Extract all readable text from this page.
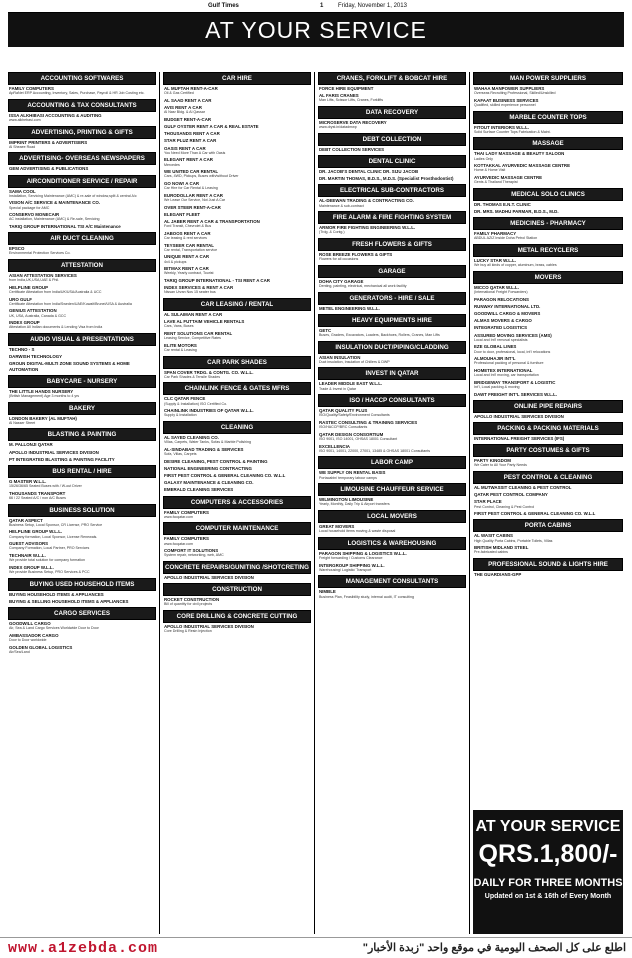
Gulf Times	1 Friday, November 1, 2013
AT YOUR SERVICE
ACCOUNTING SOFTWARES
FAMILY COMPUTERS
ApRaNet ERP Accounting, Inventory, Sales, Purchase, Payroll & HR Job Costing etc.
ACCOUNTING & TAX CONSULTANTS
ISSA ALKHIBASI ACCOUNTING & AUDITING
www.alkhebasi.com
ADVERTISING, PRINTING & GIFTS
IMPRINT PRINTERS & ADVERTISERS
Al Sheaee Road
ADVERTISING- OVERSEAS NEWSPAPERS
GEM ADVERTISING & PUBLICATIONS
AIRCONDITIONER SERVICE / REPAIR
SAMA COOL
Installation, Servicing Maintenance (AMC) & re-sale of window,split & central A/c
VISION A/C SERVICE & MAINTENANCE CO.
Special package for AMC
CONSERVO MONECAIR
AC installation, Maintenance (AMC) & Re-sale, Servicing
TARIQ GROUP INTERNATIONAL TSI A/C Maintenance
AIR DUCT CLEANING
EPSCO
Environmental Protection Services Co.
ATTESTATION
ASIAN ATTESTATION SERVICES
from India,UK,USA,UAE & Phil.
HELPLINE GROUP
Certificate Attestation from India/UK/USA/Australia & UCC
URO GULF
Certificate Attestation from India/Sweden/UAE/Kuwait/Brunei/USA & Australia
GENIUS ATTESTATION
UK, USA, Australia, Canada & GCC
INDEX GROUP
Attestation All Indian documents & Lending Visa from India
AUDIO VISUAL & PRESENTATIONS
TECHNO - S
DARWISH TECHNOLOGY
GROUN DIGITAL-MULTI ZONE SOUND SYSTEMS & HOME AUTOMATION
BABYCARE - NURSERY
THE LITTLE HANDS NURSERY
(British Management) Age 3 months to 4 yrs
BAKERY
LONDON BAKERY (AL MUFTAH)
Al Nasser Street
BLASTING & PAINTING
M. PALLONJI QATAR
APOLLO INDUSTRIAL SERVICES DIVISION
PT INTEGRATED BLASTING & PAINTING FACILITY
BUS RENTAL / HIRE
G MASTER W.L.L.
15/26/36/65 Seated Buses with / W-out Driver
THOUSANDS TRANSPORT
66 / 22 Seated A/C / non A/C Buses
BUSINESS SOLUTION
QATAR ASPECT
Business Setup, Local Sponsor, CR License, PRO Service
HELPLINE GROUP W.L.L.
Company formation, Local Sponsor, License Renewals.
GUEST ADVISORS
Company Formation, Local Partner, PRO Services
TECHNAIR W.L.L.
We provide total solution for company formation
INDEX GROUP W.L.L.
We provide Business Setup, PRO Services & PCC
BUYING USED HOUSEHOLD ITEMS
BUYING HOUSEHOLD ITEMS & APPLIANCES
BUYING & SELLING HOUSEHOLD ITEMS & APPLIANCES
CARGO SERVICES
GOODWILL CARGO
Air, Sea & Land Cargo Services Worldwide Door to Door
AMBASSADOR CARGO
Door to Door worldwide
GOLDEN GLOBAL LOGISTICS
Air/Sea/Land
CAR HIRE
AL MUFTAH RENT-A-CAR
Oil & Gas Certified
AL SAAD RENT A CAR
AVIS RENT A CAR
Al Nasr Bldg. & Al Qassar
BUDGET RENT-A-CAR
GULF OYSTER RENT A CAR & REAL ESTATE
THOUSANDS RENT A CAR
STAR PLUZ RENT A CAR
OASIS RENT A CAR
You Need More Than A Car with Oasis
ELEGANT RENT A CAR
Mercedes
WE UNITED CAR RENTAL
Cars, 4WD, Pickups, Buses with/without Driver
GO NOW! A CAR
Car Hire for Car Rental & Leasing
EURODOLLAR RENT A CAR
We Lease Our Service, Not Just A Car
OVER STEER RENT-A-CAR
ELEGANT FLEET
AL JABER RENT A CAR & TRANSPORTATION
Ford Transit, Chevrolet & Bus
JABOOS RENT A CAR
Car leasing & rent services
TEYSEER CAR RENTAL
Car rental, Transportation service
UNIQUE RENT A CAR
4x4 & pickups
BITMAX RENT A CAR
Weekly, Yearly contract, Tourist
TARIQ GROUP INTERNATIONAL - TSI RENT A CAR
INDEX SERVICES & RENT A CAR
Nissan Urvan Nos 15 seater bus
CAR LEASING / RENTAL
AL SULAIMAN RENT A CAR
LAVE AL FUTTAIM VEHICLE RENTALS
Cars, Vans, Buses
RENT SOLUTIONS CAR RENTAL
Leasing Service, Competitive Rates
ELITE MOTORS
Car rental & Leasing
CAR PARK SHADES
SPAN COVER TRDG. & CONTG. CO. W.L.L.
Car Park Shades & Tensile Shades
CHAINLINK FENCE & GATES MFRS
CLC QATAR FENCE
(Supply & Installation) ISO Certified Co.
CHAINLINK INDUSTRIES OF QATAR W.L.L.
Supply & Installation
CLEANING
AL SAYED CLEANING CO.
Villas, Carpets, Water Tanks, Sofas & Marble Polishing
AL-SINDABAD TRADING & SERVICES
Sofa, Villas, Carpets
DESIRE CLEANING, PEST CONTROL & PAINTING
NATIONAL ENGINEERING CONTRACTING
FIRST PEST CONTROL & GENERAL CLEANING CO. W.L.L
GALAXY MAINTENANCE & CLEANING CO.
EMERALD CLEANING SERVICES
COMPUTERS & ACCESSORIES
FAMILY COMPUTERS
www.fccqatar.com
COMPUTER MAINTENANCE
FAMILY COMPUTERS
www.fccqatar.com
COMFORT IT SOLUTIONS
System repair, networking, web, AMC
CONCRETE REPAIRS/GUNITING /SHOTCRETING
APOLLO INDUSTRIAL SERVICES DIVISION
CONSTRUCTION
ROCKET CONSTRUCTION
Bill of quantity for civil projects
CORE DRILLING & CONCRETE CUTTING
APOLLO INDUSTRIAL SERVICES DIVISION
Core Drilling & Resin Injection
CRANES, FORKLIFT & BOBCAT HIRE
FORCE HIRE EQUIPMENT
AL FARIS CRANES
Man Lifts, Scissor Lifts, Cranes, Forklifts
DATA RECOVERY
MICROSERVE DATA RECOVERY
www.dryst.in/datadmwp
DEBT COLLECTION
DEBT COLLECTION SERVICES
DENTAL CLINIC
DR. JACOB’S DENTAL CLINIC DR. SIJU JACOB
DR. MARTIN THOMAS, B.D.S., M.D.S. (Specialist Prosthodontist)
ELECTRICAL SUB-CONTRACTORS
AL-DEEWAN TRADING & CONTRACTING CO.
Maintenance & sub-contract
FIRE ALARM & FIRE FIGHTING SYSTEM
ARMOR FIRE FIGHTING ENGINEERING W.L.L.
(Trdg. & Contg.)
FRESH FLOWERS & GIFTS
ROSE BREEZE FLOWERS & GIFTS
Flowers for all occasions
GARAGE
DOHA CITY GARAGE
Denting, painting, electrical, mechanical all work facility
GENERATORS - HIRE / SALE
METEL ENGINEERING W.L.L.
HEAVY EQUIPMENTS HIRE
GETC
Buses, Graders, Excavators, Loaders, Backhoes, Rollers, Cranes, Man Lifts
INSULATION DUCT/PIPING/CLADDING
ASIAN INSULATION
Duct insulation, Insulation of Chillers & DWP
INVEST IN QATAR
LEADER MIDDLE EAST W.L.L.
Trade & Invest in Qatar
ISO / HACCP CONSULTANTS
QATAR QUALITY PLUS
ISO/Quality/Safety/Environment Consultants
RASTEC CONSULTING & TRAINING SERVICES
ISO/HACCP/BRC Consultants
QATAR DESIGN CONSORTIUM
ISO 9001, ISO 14001, OHSAS 18001 Consultant
EXCELLENCIA
ISO 9001, 14001, 22000, 27001, 13485 & OHSAS 18001 Consultants
LABOR CAMP
WE SUPPLY ON RENTAL BASIS
Portacabin/ temporary labour camps
LIMOUSINE CHAUFFEUR SERVICE
WILMINGTON LIMOUSINE
Yearly, Monthly, Daily Trip & Airport transfers
LOCAL MOVERS
GREAT MOVERS
Local household items moving & waste disposal
LOGISTICS & WAREHOUSING
PARAGON SHIPPING & LOGISTICS W.L.L.
Freight forwarding / Customs Clearance
INTERGROUP SHIPPING W.L.L.
Warehousing/ Logistic/ Transport
MANAGEMENT CONSULTANTS
NIMBLE
Business Plan, Feasibility study, internal audit, IT consulting
MAN POWER SUPPLIERS
WAHAA MANPOWER SUPPLIERS
Overseas Recruiting Professional, Skilled/Unskilled
KAFAAT BUSINESS SERVICES
Qualified, skilled experience personnel
MARBLE COUNTER TOPS
FITOUT INTERIORS W.L.L.
Solid Surface Counter Tops Fabrication & Maint.
MASSAGE
THAI LADY MASSAGE & BEAUTY SALOON
Ladies Only
KOTTAKKAL AYURVEDIC MASSAGE CENTRE
Home & Home Visit
AYURVEDIC MASSAGE CENTRE
Gents & Thailand Therapist
MEDICAL SOLO CLINICS
DR. THOMAS E.N.T. CLINIC
DR. MRS. MADHU PARMAR, B.D.S., M.D.
MEDICINES - PHARMACY
FAMILY PHARMACY
ABDUL AZIZ Inside Doha Petrol Station
METAL RECYCLERS
LUCKY STAR W.L.L.
We buy all kinds of copper, aluminum, brass, cables
MOVERS
MICCO QATAR W.L.L.
(International Freight Forwarders)
PARAGON RELOCATIONS
RUNWAY INTERNATIONAL LTD.
GOODWILL CARGO & MOVERS
ALMAS MOVERS & CARGO
INTEGRATED LOGISTICS
ASSURED MOVING SERVICES (AMS)
Local and Int’l removal specialists
EZE GLOBAL LINES
Door to door, professional, local, int’l relocations
ALMOUHAJIR INT’L
Professional packing of personal & furniture
HOMETEX INTERNATIONAL
Local and Int’l moving, car transportation
BRIDGEWAY TRANSPORT & LOGISTIC
Int’l, Local packing & moving
DAWT FREIGHT INT’L SERVICES W.L.L.
ONLINE PIPE REPAIRS
APOLLO INDUSTRIAL SERVICES DIVISION
PACKING & PACKING MATERIALS
INTERNATIONAL FREIGHT SERVICES (IFS)
PARTY COSTUMES & GIFTS
PARTY KINGDOM
We Cater to All Your Party Needs
PEST CONTROL & CLEANING
AL MUTWASSIT CLEANING & PEST CONTROL
QATAR PEST CONTROL COMPANY
STAR PLACE
Pest Control, Cleaning & Pest Control
FIRST PEST CONTROL & GENERAL CLEANING CO. W.L.L
PORTA CABINS
AL WASIT CABINS
High Quality Porta Cabins, Portable Toilets, Villas
BRITISH MIDLAND STEEL
Pre-fabricated cabins
PROFESSIONAL SOUND & LIGHTS HIRE
THE GUARDIANS-GPP
AT YOUR SERVICE
QRS.1,800/-
DAILY FOR THREE MONTHS
Updated on 1st & 16th of Every Month
www.a1zebda.com	اطلع على كل الصحف اليومية في موقع واحد "زبدة الأخبار"
